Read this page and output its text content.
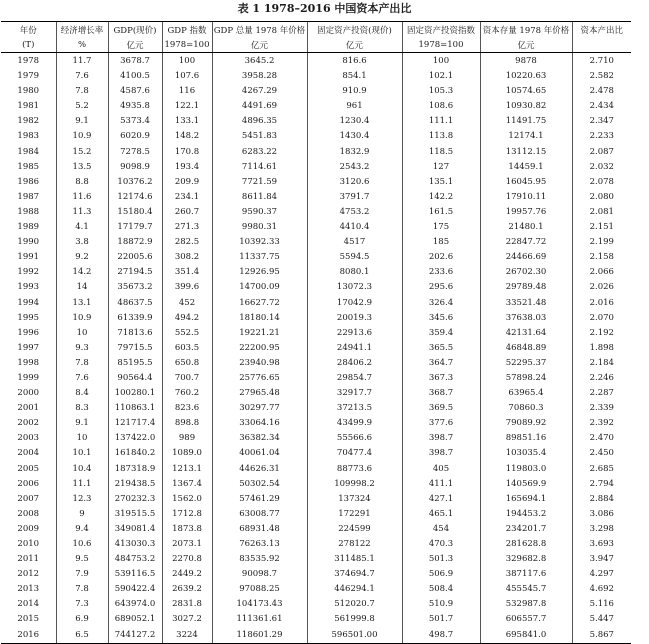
表 1 1978–2016 中国资本产出比
年份	经济增长率	GDP(现价)	GDP 指数	GDP 总量 1978 年价格	固定资产投资(现价)	固定资产投资指数	资本存量 1978 年价格	资本产出比
(T)	%	亿元	1978=100	亿元	亿元	1978=100	亿元	
1978	11.7	3678.7	100	3645.2	816.6	100	9878	2.710
1979	7.6	4100.5	107.6	3958.28	854.1	102.1	10220.63	2.582
1980	7.8	4587.6	116	4267.29	910.9	105.3	10574.65	2.478
1981	5.2	4935.8	122.1	4491.69	961	108.6	10930.82	2.434
1982	9.1	5373.4	133.1	4896.35	1230.4	111.1	11491.75	2.347
1983	10.9	6020.9	148.2	5451.83	1430.4	113.8	12174.1	2.233
1984	15.2	7278.5	170.8	6283.22	1832.9	118.5	13112.15	2.087
1985	13.5	9098.9	193.4	7114.61	2543.2	127	14459.1	2.032
1986	8.8	10376.2	209.9	7721.59	3120.6	135.1	16045.95	2.078
1987	11.6	12174.6	234.1	8611.84	3791.7	142.2	17910.11	2.080
1988	11.3	15180.4	260.7	9590.37	4753.2	161.5	19957.76	2.081
1989	4.1	17179.7	271.3	9980.31	4410.4	175	21480.1	2.151
1990	3.8	18872.9	282.5	10392.33	4517	185	22847.72	2.199
1991	9.2	22005.6	308.2	11337.75	5594.5	202.6	24466.69	2.158
1992	14.2	27194.5	351.4	12926.95	8080.1	233.6	26702.30	2.066
1993	14	35673.2	399.6	14700.09	13072.3	295.6	29789.48	2.026
1994	13.1	48637.5	452	16627.72	17042.9	326.4	33521.48	2.016
1995	10.9	61339.9	494.2	18180.14	20019.3	345.6	37638.03	2.070
1996	10	71813.6	552.5	19221.21	22913.6	359.4	42131.64	2.192
1997	9.3	79715.5	603.5	22200.95	24941.1	365.5	46848.89	1.898
1998	7.8	85195.5	650.8	23940.98	28406.2	364.7	52295.37	2.184
1999	7.6	90564.4	700.7	25776.65	29854.7	367.3	57898.24	2.246
2000	8.4	100280.1	760.2	27965.48	32917.7	368.7	63965.4	2.287
2001	8.3	110863.1	823.6	30297.77	37213.5	369.5	70860.3	2.339
2002	9.1	121717.4	898.8	33064.16	43499.9	377.6	79089.92	2.392
2003	10	137422.0	989	36382.34	55566.6	398.7	89851.16	2.470
2004	10.1	161840.2	1089.0	40061.04	70477.4	398.7	103035.4	2.450
2005	10.4	187318.9	1213.1	44626.31	88773.6	405	119803.0	2.685
2006	11.1	219438.5	1367.4	50302.54	109998.2	411.1	140569.9	2.794
2007	12.3	270232.3	1562.0	57461.29	137324	427.1	165694.1	2.884
2008	9	319515.5	1712.8	63008.77	172291	465.1	194453.2	3.086
2009	9.4	349081.4	1873.8	68931.48	224599	454	234201.7	3.298
2010	10.6	413030.3	2073.1	76263.13	278122	470.3	281628.8	3.693
2011	9.5	484753.2	2270.8	83535.92	311485.1	501.3	329682.8	3.947
2012	7.9	539116.5	2449.2	90098.7	374694.7	506.9	387117.6	4.297
2013	7.8	590422.4	2639.2	97088.25	446294.1	508.4	455545.7	4.692
2014	7.3	643974.0	2831.8	104173.43	512020.7	510.9	532987.8	5.116
2015	6.9	689052.1	3027.2	111361.61	561999.8	501.7	606557.7	5.447
2016	6.5	744127.2	3224	118601.29	596501.00	498.7	695841.0	5.867
